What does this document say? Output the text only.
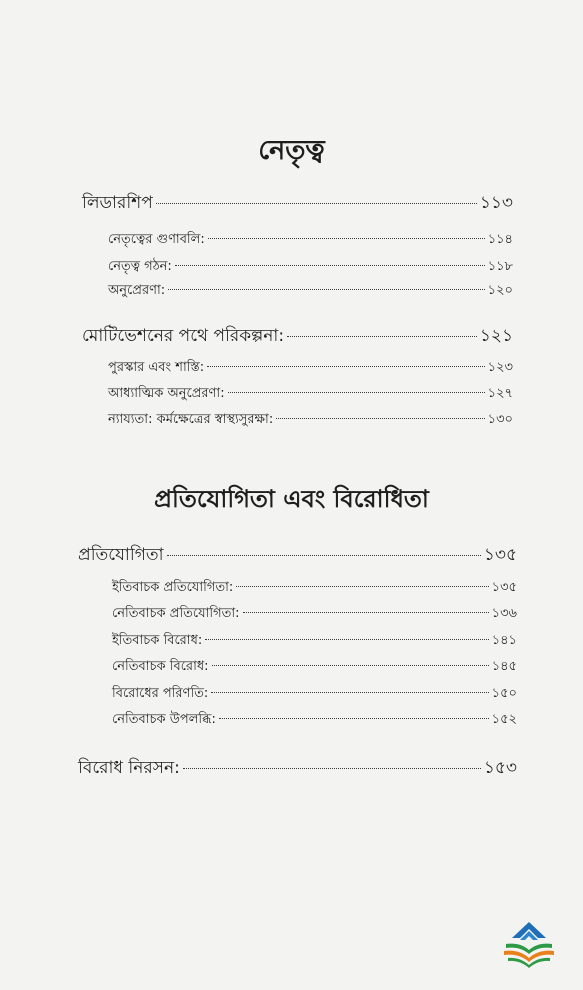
নেতৃত্ব
লিডারশিপ	১১৩
নেতৃত্বের গুণাবলি:	১১৪
নেতৃত্ব গঠন:	১১৮
অনুপ্রেরণা:	১২০
মোটিভেশনের পথে পরিকল্পনা:	১২১
পুরস্কার এবং শাস্তি:	১২৩
আধ্যাত্মিক অনুপ্রেরণা:	১২৭
ন্যায্যতা: কর্মক্ষেত্রের স্বাস্থ্যসুরক্ষা:	১৩০
প্রতিযোগিতা এবং বিরোধিতা
প্রতিযোগিতা	১৩৫
ইতিবাচক প্রতিযোগিতা:	১৩৫
নেতিবাচক প্রতিযোগিতা:	১৩৬
ইতিবাচক বিরোধ:	১৪১
নেতিবাচক বিরোধ:	১৪৫
বিরোধের পরিণতি:	১৫০
নেতিবাচক উপলব্ধি:	১৫২
বিরোধ নিরসন:	১৫৩
